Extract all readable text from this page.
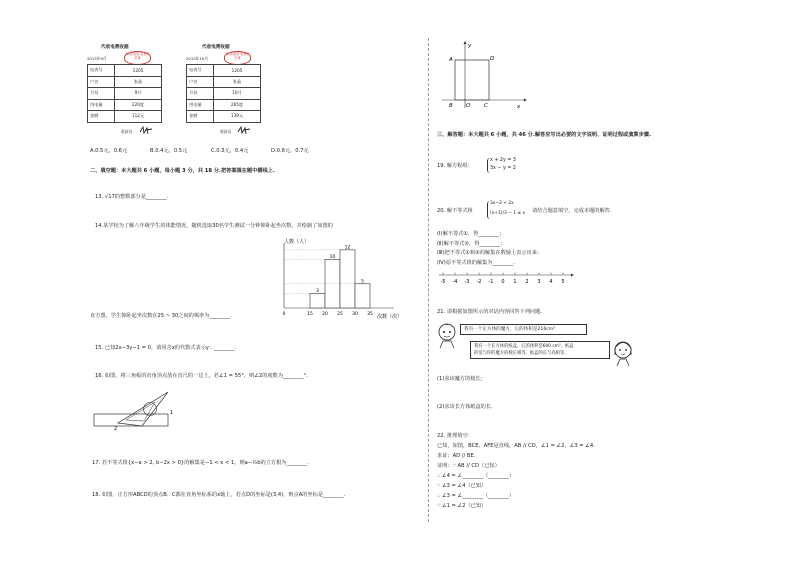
代收电费收据
2013年9月
XX供电局 电费收讫章
电表号	1205
户名	张晶
月份	9月
用电量	220度
金额	112元
收款员
代收电费收据
2013年10月
XX供电局 电费收讫章
电表号	1205
户名	张晶
月份	10月
用电量	265度
金额	139元
收款员
A.0.5元，0.6元	B.0.4元，0.5元	C.0.3元，0.4元	D.0.6元，0.7元
二、填空题：本大题共 6 小题，每小题 3 分，共 18 分.把答案填在题中横线上.
13. √17的整数部分是________.
14.某学校为了解八年级学生的体能情况，随机选取30名学生测试一分钟仰卧起坐次数，并绘制了如图的
人数（人）
次数（次）
3
10
12
5
0	15 20 25 30 35
直方图，学生仰卧起坐次数在25 ~ 30之间的频率为________.
15. 已知2x−3y−1 = 0，请用含x的代数式表示y：________.
16. 如图，将三角板的直角顶点放在直尺的一边上，若∠1 = 55°，则∠2的度数为________°.
1
2
17. 若不等式组{x−a > 2, b−2x > 0}的解集是−1 < x < 1，则a−½b的立方根为________.
18. 如图，正方形ABCD的顶点B、C都在直角坐标系的x轴上，若点D的坐标是(3,4)，则点A的坐标是________.
y
x
A	D
B O C
三、解答题：本大题共 6 小题，共 46 分.解答应写出必要的文字说明、证明过程或演算步骤.
19. 解方程组：
x + 2y = 3
3x − y = 2
20. 解不等式组
3x−2 < 2x
(x+1)/3 − 1 ≤ x 请结合题意填空，完成本题的解答.
(Ⅰ)解不等式①，得________；
(Ⅱ)解不等式②，得________；
(Ⅲ)把不等式①和②的解集在数轴上表示出来：
(Ⅳ)原不等式组的解集为________.
-5 -4 -3 -2 -1 0 1 2 3 4 5
21. 请根据如图所示的对话内容回答下列问题.
我有一个正方体的魔方，它的体积是216cm³
我有一个长方体的纸盒，它的体积是600 cm³，纸盒
的宽与你的魔方的棱长相等，纸盒的长与高相等。
(1)求该魔方的棱长；
(2)求该长方体纸盒的长.
22. 推理填空：
已知，如图，BCE、AFE是直线，AB // CD，∠1 = ∠2，∠3 = ∠4.
求证：AD // BE.
证明：∵ AB // CD（已知）
∴ ∠4 = ∠________（________）
∵ ∠3 = ∠4（已知）
∴ ∠3 = ∠________（________）
∵ ∠1 = ∠2（已知）
